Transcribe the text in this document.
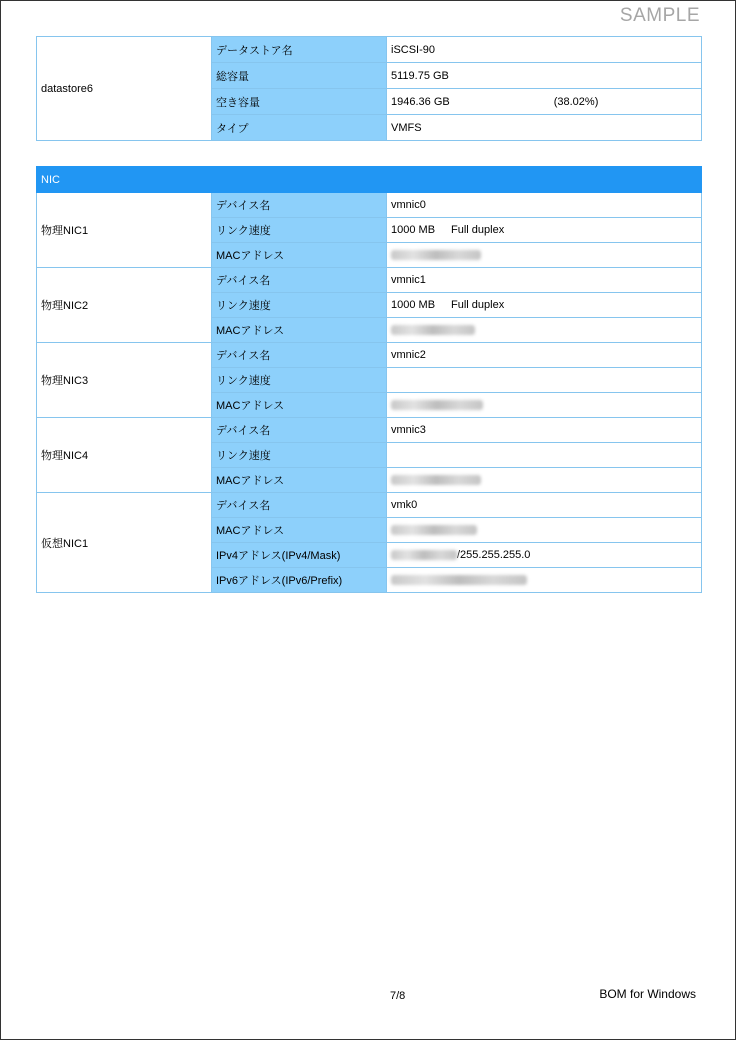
SAMPLE
datastore6	データストア名	iSCSI-90
	総容量	5119.75 GB
	空き容量	1946.36 GB (38.02%)
	タイプ	VMFS
NIC		
物理NIC1	デバイス名	vmnic0
	リンク速度	1000 MB Full duplex
	MACアドレス	
物理NIC2	デバイス名	vmnic1
	リンク速度	1000 MB Full duplex
	MACアドレス	
物理NIC3	デバイス名	vmnic2
	リンク速度	
	MACアドレス	
物理NIC4	デバイス名	vmnic3
	リンク速度	
	MACアドレス	
仮想NIC1	デバイス名	vmk0
	MACアドレス	
	IPv4アドレス(IPv4/Mask)	/255.255.255.0
	IPv6アドレス(IPv6/Prefix)	
7/8	BOM for Windows
